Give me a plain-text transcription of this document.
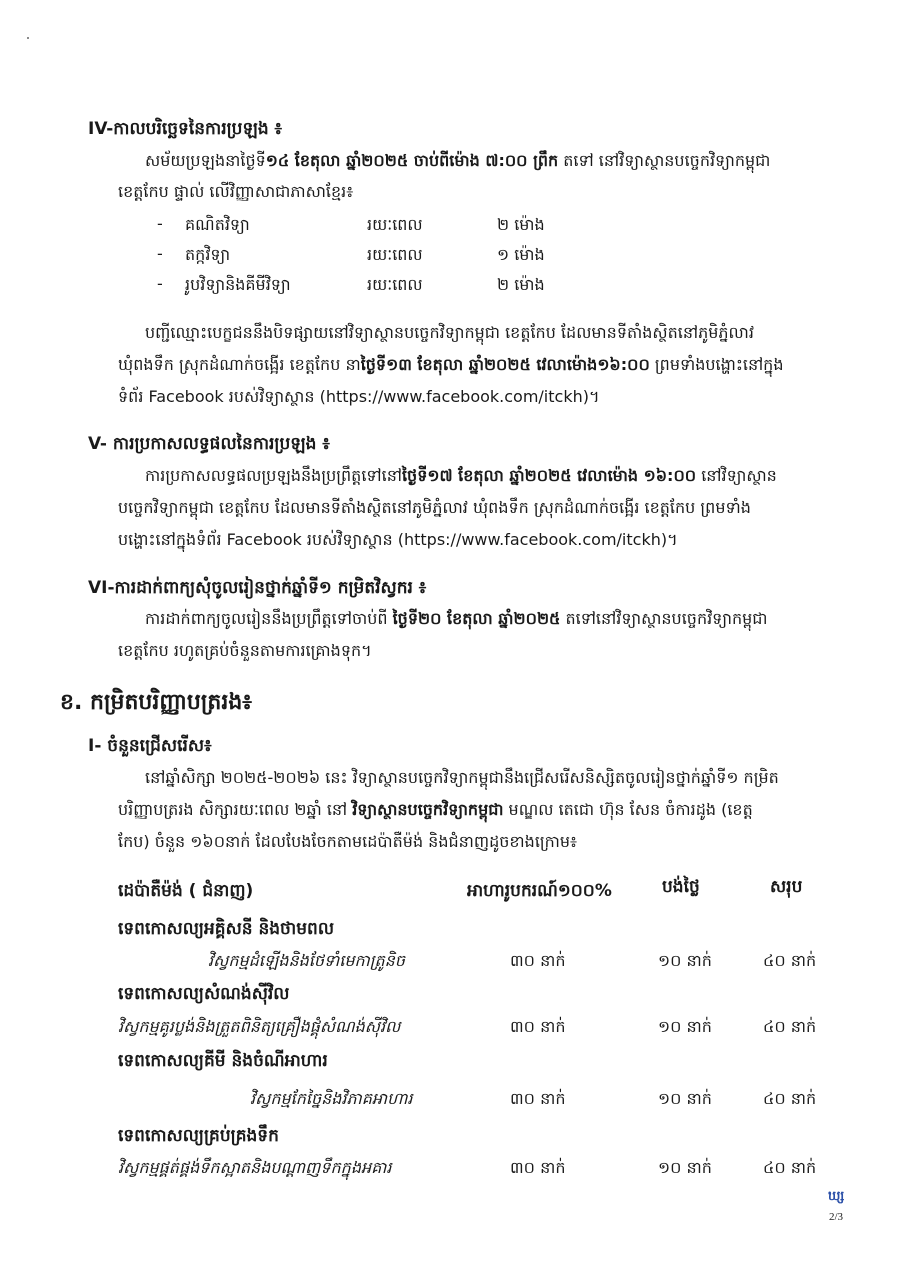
IV-កាលបរិច្ឆេទនៃការប្រឡង ៖
សម័យប្រឡងនាថ្ងៃទី១៤ ខែតុលា ឆ្នាំ២០២៥ ចាប់ពីម៉ោង ៧:០០ ព្រឹក តទៅ នៅវិទ្យាស្ថានបច្ចេកវិទ្យាកម្ពុជា
ខេត្តកែប ផ្ទាល់ លើវិញ្ញាសាជាភាសាខ្មែរ៖
- គណិតវិទ្យា	រយៈពេល	២ ម៉ោង
- តក្កវិទ្យា	រយៈពេល	១ ម៉ោង
- រូបវិទ្យានិងគីមីវិទ្យា	រយៈពេល	២ ម៉ោង
បញ្ជីឈ្មោះបេក្ខជននឹងបិទផ្សាយនៅវិទ្យាស្ថានបច្ចេកវិទ្យាកម្ពុជា ខេត្តកែប ដែលមានទីតាំងស្ថិតនៅភូមិភ្នំលាវ
ឃុំពងទឹក ស្រុកដំណាក់ចង្អើរ ខេត្តកែប នាថ្ងៃទី១៣ ខែតុលា ឆ្នាំ២០២៥ វេលាម៉ោង១៦:០០ ព្រមទាំងបង្ហោះនៅក្នុង
ទំព័រ Facebook របស់វិទ្យាស្ថាន (https://www.facebook.com/itckh)។
V- ការប្រកាសលទ្ធផលនៃការប្រឡង ៖
ការប្រកាសលទ្ធផលប្រឡងនឹងប្រព្រឹត្តទៅនៅថ្ងៃទី១៧ ខែតុលា ឆ្នាំ២០២៥ វេលាម៉ោង ១៦:០០ នៅវិទ្យាស្ថាន
បច្ចេកវិទ្យាកម្ពុជា ខេត្តកែប ដែលមានទីតាំងស្ថិតនៅភូមិភ្នំលាវ ឃុំពងទឹក ស្រុកដំណាក់ចង្អើរ ខេត្តកែប ព្រមទាំង
បង្ហោះនៅក្នុងទំព័រ Facebook របស់វិទ្យាស្ថាន (https://www.facebook.com/itckh)។
VI-ការដាក់ពាក្យសុំចូលរៀនថ្នាក់ឆ្នាំទី១ កម្រិតវិស្វករ ៖
ការដាក់ពាក្យចូលរៀននឹងប្រព្រឹត្តទៅចាប់ពី ថ្ងៃទី២០ ខែតុលា ឆ្នាំ២០២៥ តទៅនៅវិទ្យាស្ថានបច្ចេកវិទ្យាកម្ពុជា
ខេត្តកែប រហូតគ្រប់ចំនួនតាមការគ្រោងទុក។
ខ. កម្រិតបរិញ្ញាបត្ររង៖
I- ចំនួនជ្រើសរើស៖
នៅឆ្នាំសិក្សា ២០២៥-២០២៦ នេះ វិទ្យាស្ថានបច្ចេកវិទ្យាកម្ពុជានឹងជ្រើសរើសនិស្សិតចូលរៀនថ្នាក់ឆ្នាំទី១ កម្រិត
បរិញ្ញាបត្ររង សិក្សារយៈពេល ២ឆ្នាំ នៅ វិទ្យាស្ថានបច្ចេកវិទ្យាកម្ពុជា មណ្ឌល តេជោ ហ៊ុន សែន ចំការដូង (ខេត្ត
កែប) ចំនួន ១៦០នាក់ ដែលបែងចែកតាមដេប៉ាតឺម៉ង់ និងជំនាញដូចខាងក្រោម៖
ដេប៉ាតឺម៉ង់ ( ជំនាញ)	អាហារូបករណ៍១០០%	បង់ថ្លៃ	សរុប
ទេពកោសល្យអគ្គិសនី និងថាមពល
វិស្វកម្មដំឡើងនិងថែទាំមេកាត្រូនិច	៣០ នាក់	១០ នាក់	៤០ នាក់
ទេពកោសល្យសំណង់ស៊ីវិល
វិស្វកម្មគូរប្លង់និងត្រួតពិនិត្យគ្រឿងផ្គុំសំណង់ស៊ីវិល	៣០ នាក់	១០ នាក់	៤០ នាក់
ទេពកោសល្យគីមី និងចំណីអាហារ
វិស្វកម្មកែច្នៃនិងវិភាគអាហារ	៣០ នាក់	១០ នាក់	៤០ នាក់
ទេពកោសល្យគ្រប់គ្រងទឹក
វិស្វកម្មផ្គត់ផ្គង់ទឹកស្អាតនិងបណ្តាញទឹកក្នុងអគារ	៣០ នាក់	១០ នាក់	៤០ នាក់
ឃ្ស
2/3
